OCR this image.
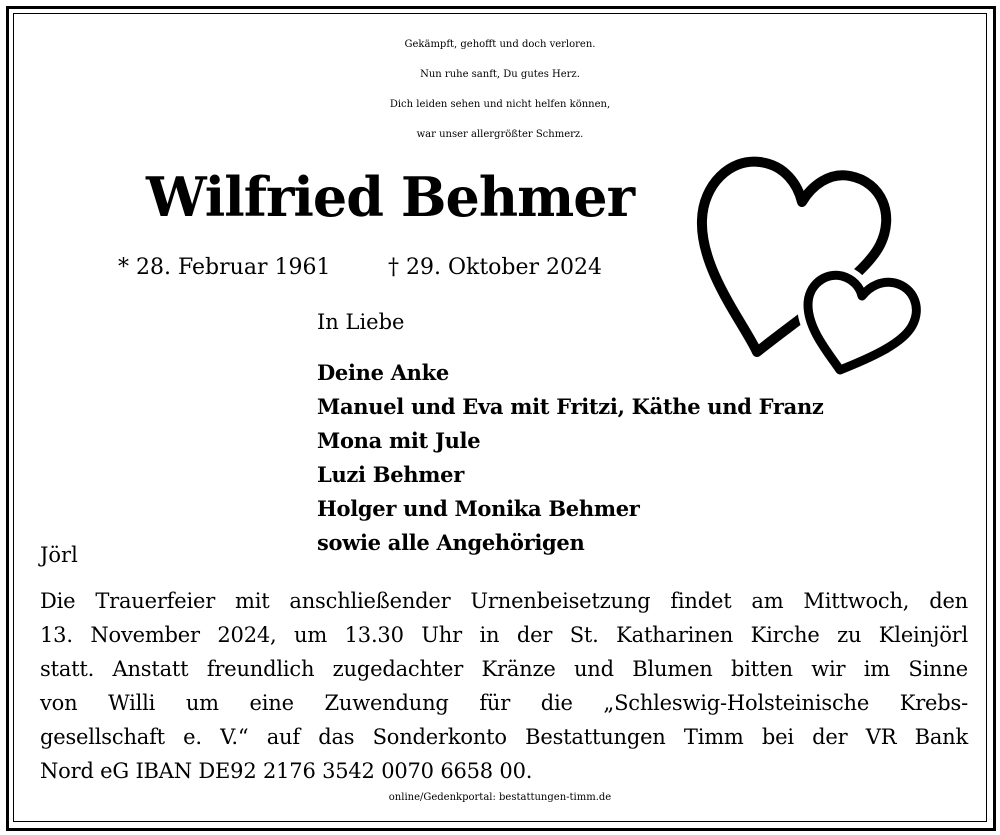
Gekämpft, gehofft und doch verloren.
Nun ruhe sanft, Du gutes Herz.
Dich leiden sehen und nicht helfen können,
war unser allergrößter Schmerz.
Wilfried Behmer
* 28. Februar 1961	† 29. Oktober 2024
In Liebe
Deine Anke
Manuel und Eva mit Fritzi, Käthe und Franz
Mona mit Jule
Luzi Behmer
Holger und Monika Behmer
sowie alle Angehörigen
Jörl
Die Trauerfeier mit anschließender Urnenbeisetzung findet am Mittwoch, den
13. November 2024, um 13.30 Uhr in der St. Katharinen Kirche zu Kleinjörl
statt. Anstatt freundlich zugedachter Kränze und Blumen bitten wir im Sinne
von Willi um eine Zuwendung für die „Schleswig-Holsteinische Krebs-
gesellschaft e. V.“ auf das Sonderkonto Bestattungen Timm bei der VR Bank
Nord eG IBAN DE92 2176 3542 0070 6658 00.
online/Gedenkportal: bestattungen-timm.de
